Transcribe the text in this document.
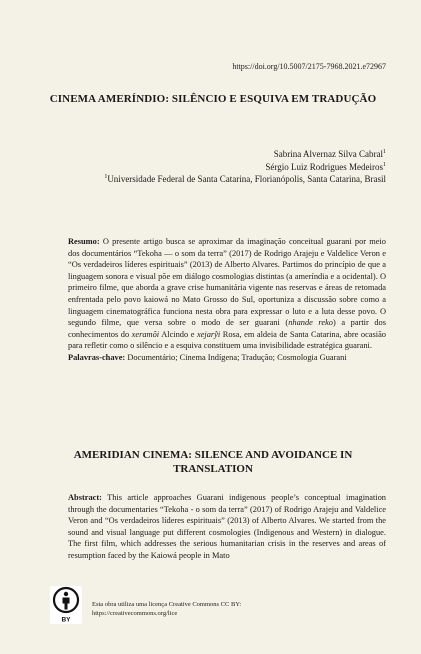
https://doi.org/10.5007/2175-7968.2021.e72967
CINEMA AMERÍNDIO: SILÊNCIO E ESQUIVA EM TRADUÇÃO
Sabrina Alvernaz Silva Cabral$^1$
Sérgio Luiz Rodrigues Medeiros$^1$
$^1$Universidade Federal de Santa Catarina, Florianópolis, Santa Catarina, Brasil

Resumo: O presente artigo busca se aproximar da imaginação conceitual guarani por meio dos documentários “Tekoha — o som da terra” (2017) de Rodrigo Arajeju e Valdelice Veron e “Os verdadeiros líderes espirituais” (2013) de Alberto Alvares. Partimos do princípio de que a linguagem sonora e visual põe em diálogo cosmologias distintas (a ameríndia e a ocidental). O primeiro filme, que aborda a grave crise humanitária vigente nas reservas e áreas de retomada enfrentada pelo povo kaiowá no Mato Grosso do Sul, oportuniza a discussão sobre como a linguagem cinematográfica funciona nesta obra para expressar o luto e a luta desse povo. O segundo filme, que versa sobre o modo de ser guarani (nhande reko) a partir dos conhecimentos do xeramõi Alcindo e xejarỹi Rosa, em aldeia de Santa Catarina, abre ocasião para refletir como o silêncio e a esquiva constituem uma invisibilidade estratégica guarani.

Palavras-chave: Documentário; Cinema Indígena; Tradução; Cosmologia Guarani

AMERIDIAN CINEMA: SILENCE AND AVOIDANCE IN TRANSLATION

Abstract: This article approaches Guarani indigenous people’s conceptual imagination through the documentaries “Tekoha - o som da terra” (2017) of Rodrigo Arajeju and Valdelice Veron and “Os verdadeiros líderes espirituais” (2013) of Alberto Alvares. We started from the sound and visual language put different cosmologies (Indigenous and Western) in dialogue. The first film, which addresses the serious humanitarian crisis in the reserves and areas of resumption faced by the Kaiowá people in Mato

BY
Esta obra utiliza uma licença Creative Commons CC BY:
https://creativecommons.org/lice
